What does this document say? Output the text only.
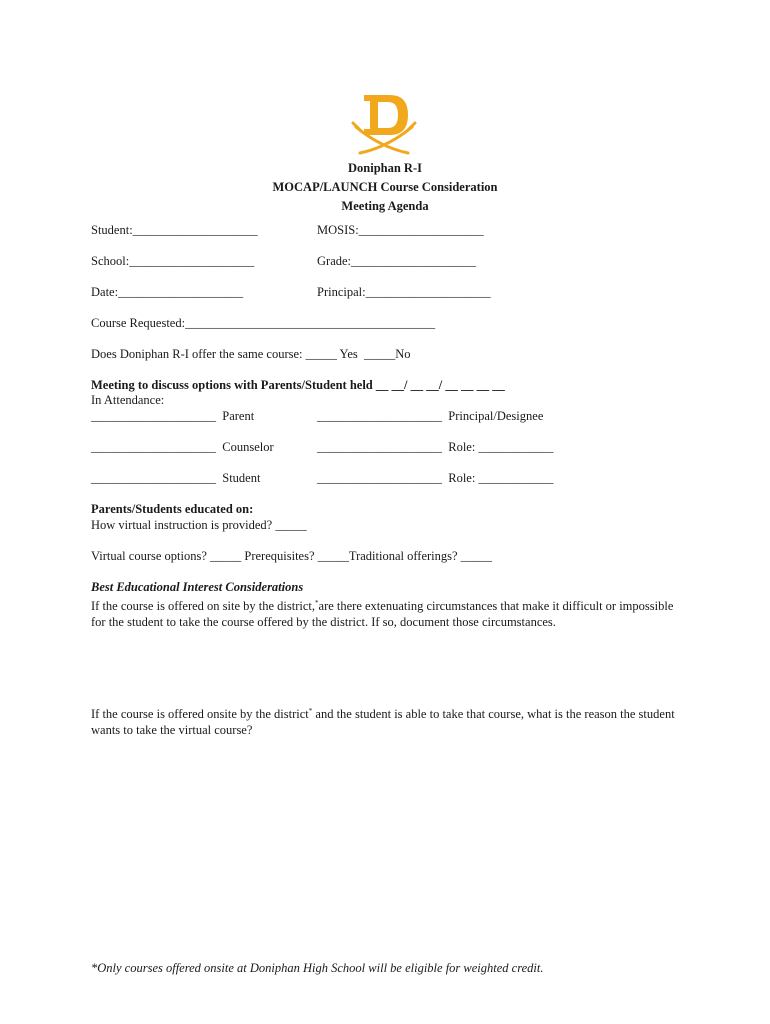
Doniphan R-I
MOCAP/LAUNCH Course Consideration
Meeting Agenda
Student:____________________	MOSIS:____________________
School:____________________	Grade:____________________
Date:____________________	Principal:____________________
Course Requested:________________________________________
Does Doniphan R-I offer the same course: _____ Yes  _____No
Meeting to discuss options with Parents/Student held __ __/ __ __/ __ __ __ __
In Attendance:
____________________  Parent	____________________  Principal/Designee
____________________  Counselor	____________________  Role: ____________
____________________  Student	____________________  Role: ____________
Parents/Students educated on:
How virtual instruction is provided? _____
Virtual course options? _____ Prerequisites? _____Traditional offerings? _____
Best Educational Interest Considerations
If the course is offered on site by the district,*are there extenuating circumstances that make it difficult or impossible for the student to take the course offered by the district. If so, document those circumstances.
If the course is offered onsite by the district* and the student is able to take that course, what is the reason the student wants to take the virtual course?
*Only courses offered onsite at Doniphan High School will be eligible for weighted credit.
